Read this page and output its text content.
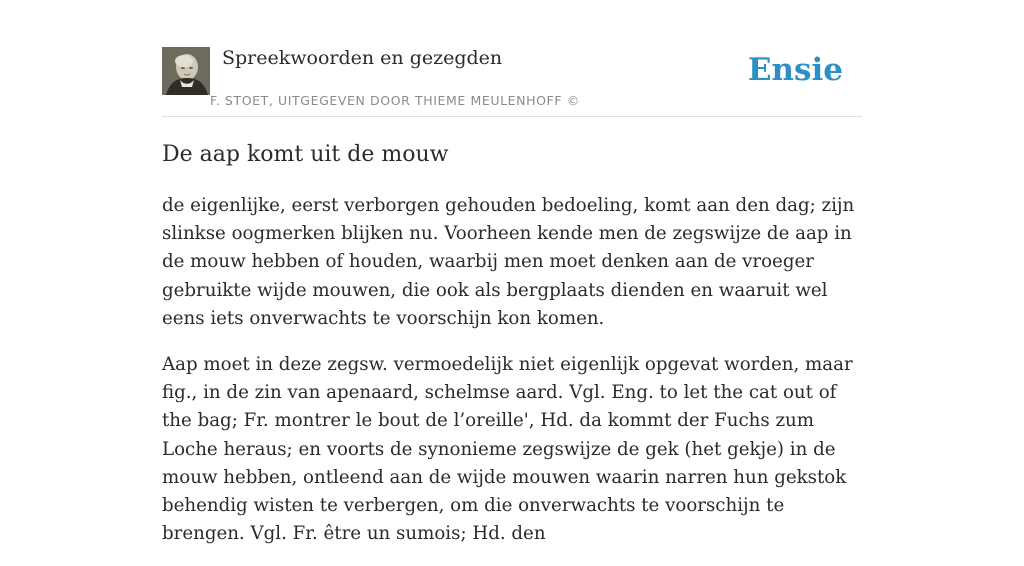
Spreekwoorden en gezegden
F. STOET, UITGEGEVEN DOOR THIEME MEULENHOFF ©
Ensie
De aap komt uit de mouw

de eigenlijke, eerst verborgen gehouden bedoeling, komt aan den dag; zijn slinkse oogmerken blijken nu. Voorheen kende men de zegswijze de aap in de mouw hebben of houden, waarbij men moet denken aan de vroeger gebruikte wijde mouwen, die ook als bergplaats dienden en waaruit wel eens iets onverwachts te voorschijn kon komen.

Aap moet in deze zegsw. vermoedelijk niet eigenlijk opgevat worden, maar fig., in de zin van apenaard, schelmse aard. Vgl. Eng. to let the cat out of the bag; Fr. montrer le bout de l’oreille', Hd. da kommt der Fuchs zum Loche heraus; en voorts de synonieme zegswijze de gek (het gekje) in de mouw hebben, ontleend aan de wijde mouwen waarin narren hun gekstok behendig wisten te verbergen, om die onverwachts te voorschijn te brengen. Vgl. Fr. être un sumois; Hd. den
